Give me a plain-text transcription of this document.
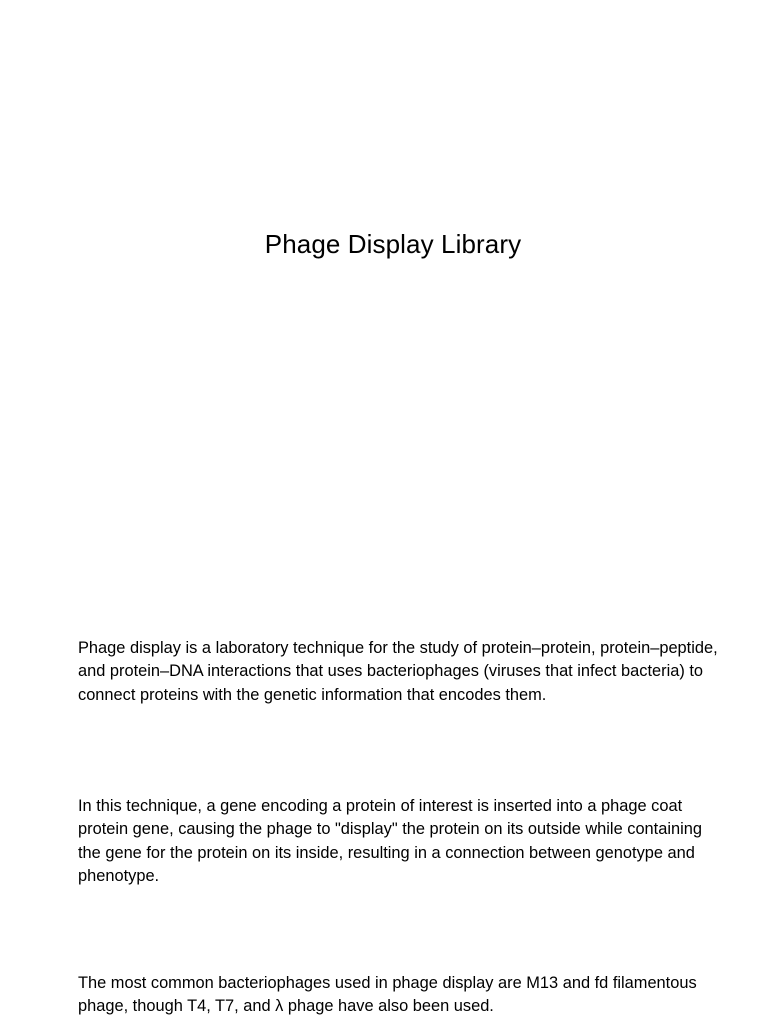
Phage Display Library

Phage display is a laboratory technique for the study of protein–protein, protein–peptide, and protein–DNA interactions that uses bacteriophages (viruses that infect bacteria) to connect proteins with the genetic information that encodes them.

In this technique, a gene encoding a protein of interest is inserted into a phage coat protein gene, causing the phage to "display" the protein on its outside while containing the gene for the protein on its inside, resulting in a connection between genotype and phenotype.

The most common bacteriophages used in phage display are M13 and fd filamentous phage, though T4, T7, and λ phage have also been used.
